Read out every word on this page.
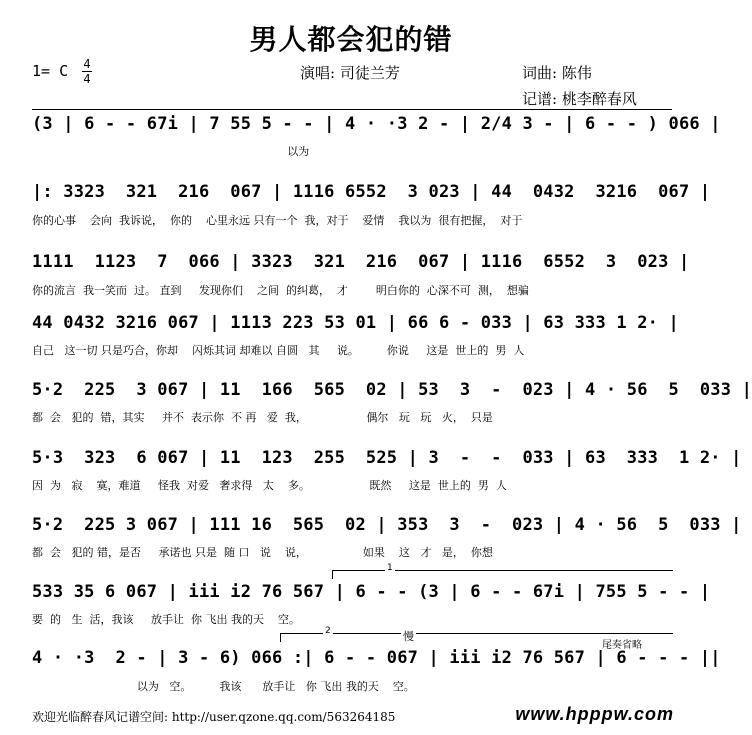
男人都会犯的错
1= C 4
4	演唱: 司徒兰芳	词曲: 陈伟
记谱: 桃李醉春风
(3 | 6 - - 67i | 7 55 5 - - | 4 · ·3 2 - | 2/4 3 - | 6 - - ) 066 |
以为
|: 3323  321  216  067 | 1116 6552  3 023 | 44  0432  3216  067 |
你的心事    会向  我诉说，  你的    心里永远 只有一个  我，对于    爱情    我以为  很有把握，  对于
1111  1123  7  066 | 3323  321  216  067 | 1116  6552  3  023 |
你的流言  我一笑而  过。 直到     发现你们    之间  的纠葛，  才        明白你的  心深不可  测，  想骗
44 0432 3216 067 | 1113 223 53 01 | 66 6 - 033 | 63 333 1 2· |
自己   这一切 只是巧合，你却    闪烁其词 却难以 自圆   其     说。        你说     这是  世上的  男  人
5·2  225  3 067 | 11  166  565  02 | 53  3  -  023 | 4 · 56  5  033 |
都  会   犯的  错，其实     并不  表示你  不 再   爱  我，                 偶尔   玩   玩   火，  只是
5·3  323  6 067 | 11  123  255  525 | 3  -  -  033 | 63  333  1 2· |
因  为   寂    寞，难道     怪我  对爱   奢求得   太    多。                 既然     这是  世上的  男  人
5·2  225 3 067 | 111 16  565  02 | 353  3  -  023 | 4 · 56  5  033 |
都  会   犯的 错，是否     承诺也 只是  随 口   说    说，                如果    这   才   是，  你想
1
533 35 6 067 | iii i2 76 567 | 6 - - (3 | 6 - - 67i | 755 5 - - |
要  的   生  活，我该     放手让  你 飞出 我的天    空。
2	慢
尾奏省略
4 · ·3  2 - | 3 - 6) 066 :| 6 - - 067 | iii i2 76 567 | 6 - - - ||
以为   空。        我该      放手让   你 飞出 我的天    空。
欢迎光临醉春风记谱空间: http://user.qzone.qq.com/563264185	www.hpppw.com
